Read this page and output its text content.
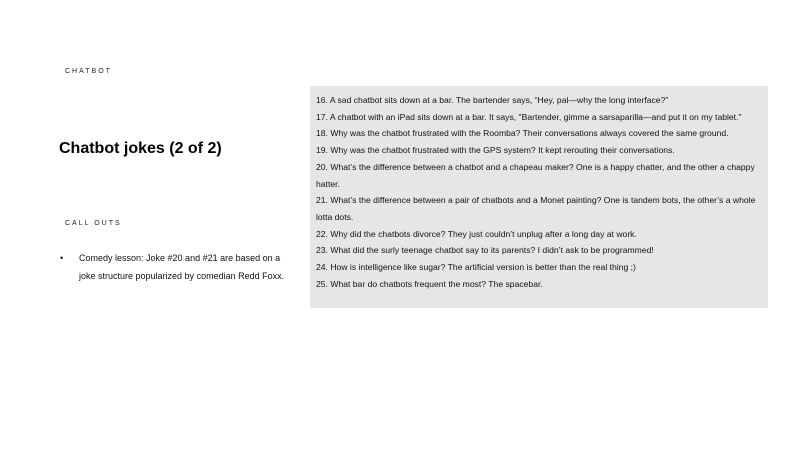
CHATBOT
Chatbot jokes (2 of 2)
CALL OUTS
• Comedy lesson: Joke #20 and #21 are based on a joke structure popularized by comedian Redd Foxx.

16. A sad chatbot sits down at a bar. The bartender says, “Hey, pal—why the long interface?”

17. A chatbot with an iPad sits down at a bar. It says, "Bartender, gimme a sarsaparilla—and put it on my tablet."

18. Why was the chatbot frustrated with the Roomba? Their conversations always covered the same ground.

19. Why was the chatbot frustrated with the GPS system? It kept rerouting their conversations.

20. What’s the difference between a chatbot and a chapeau maker? One is a happy chatter, and the other a chappy hatter.

21. What’s the difference between a pair of chatbots and a Monet painting? One is tandem bots, the other’s a whole lotta dots.

22. Why did the chatbots divorce? They just couldn’t unplug after a long day at work.

23. What did the surly teenage chatbot say to its parents? I didn’t ask to be programmed!

24. How is intelligence like sugar? The artificial version is better than the real thing ;)

25. What bar do chatbots frequent the most? The spacebar.
